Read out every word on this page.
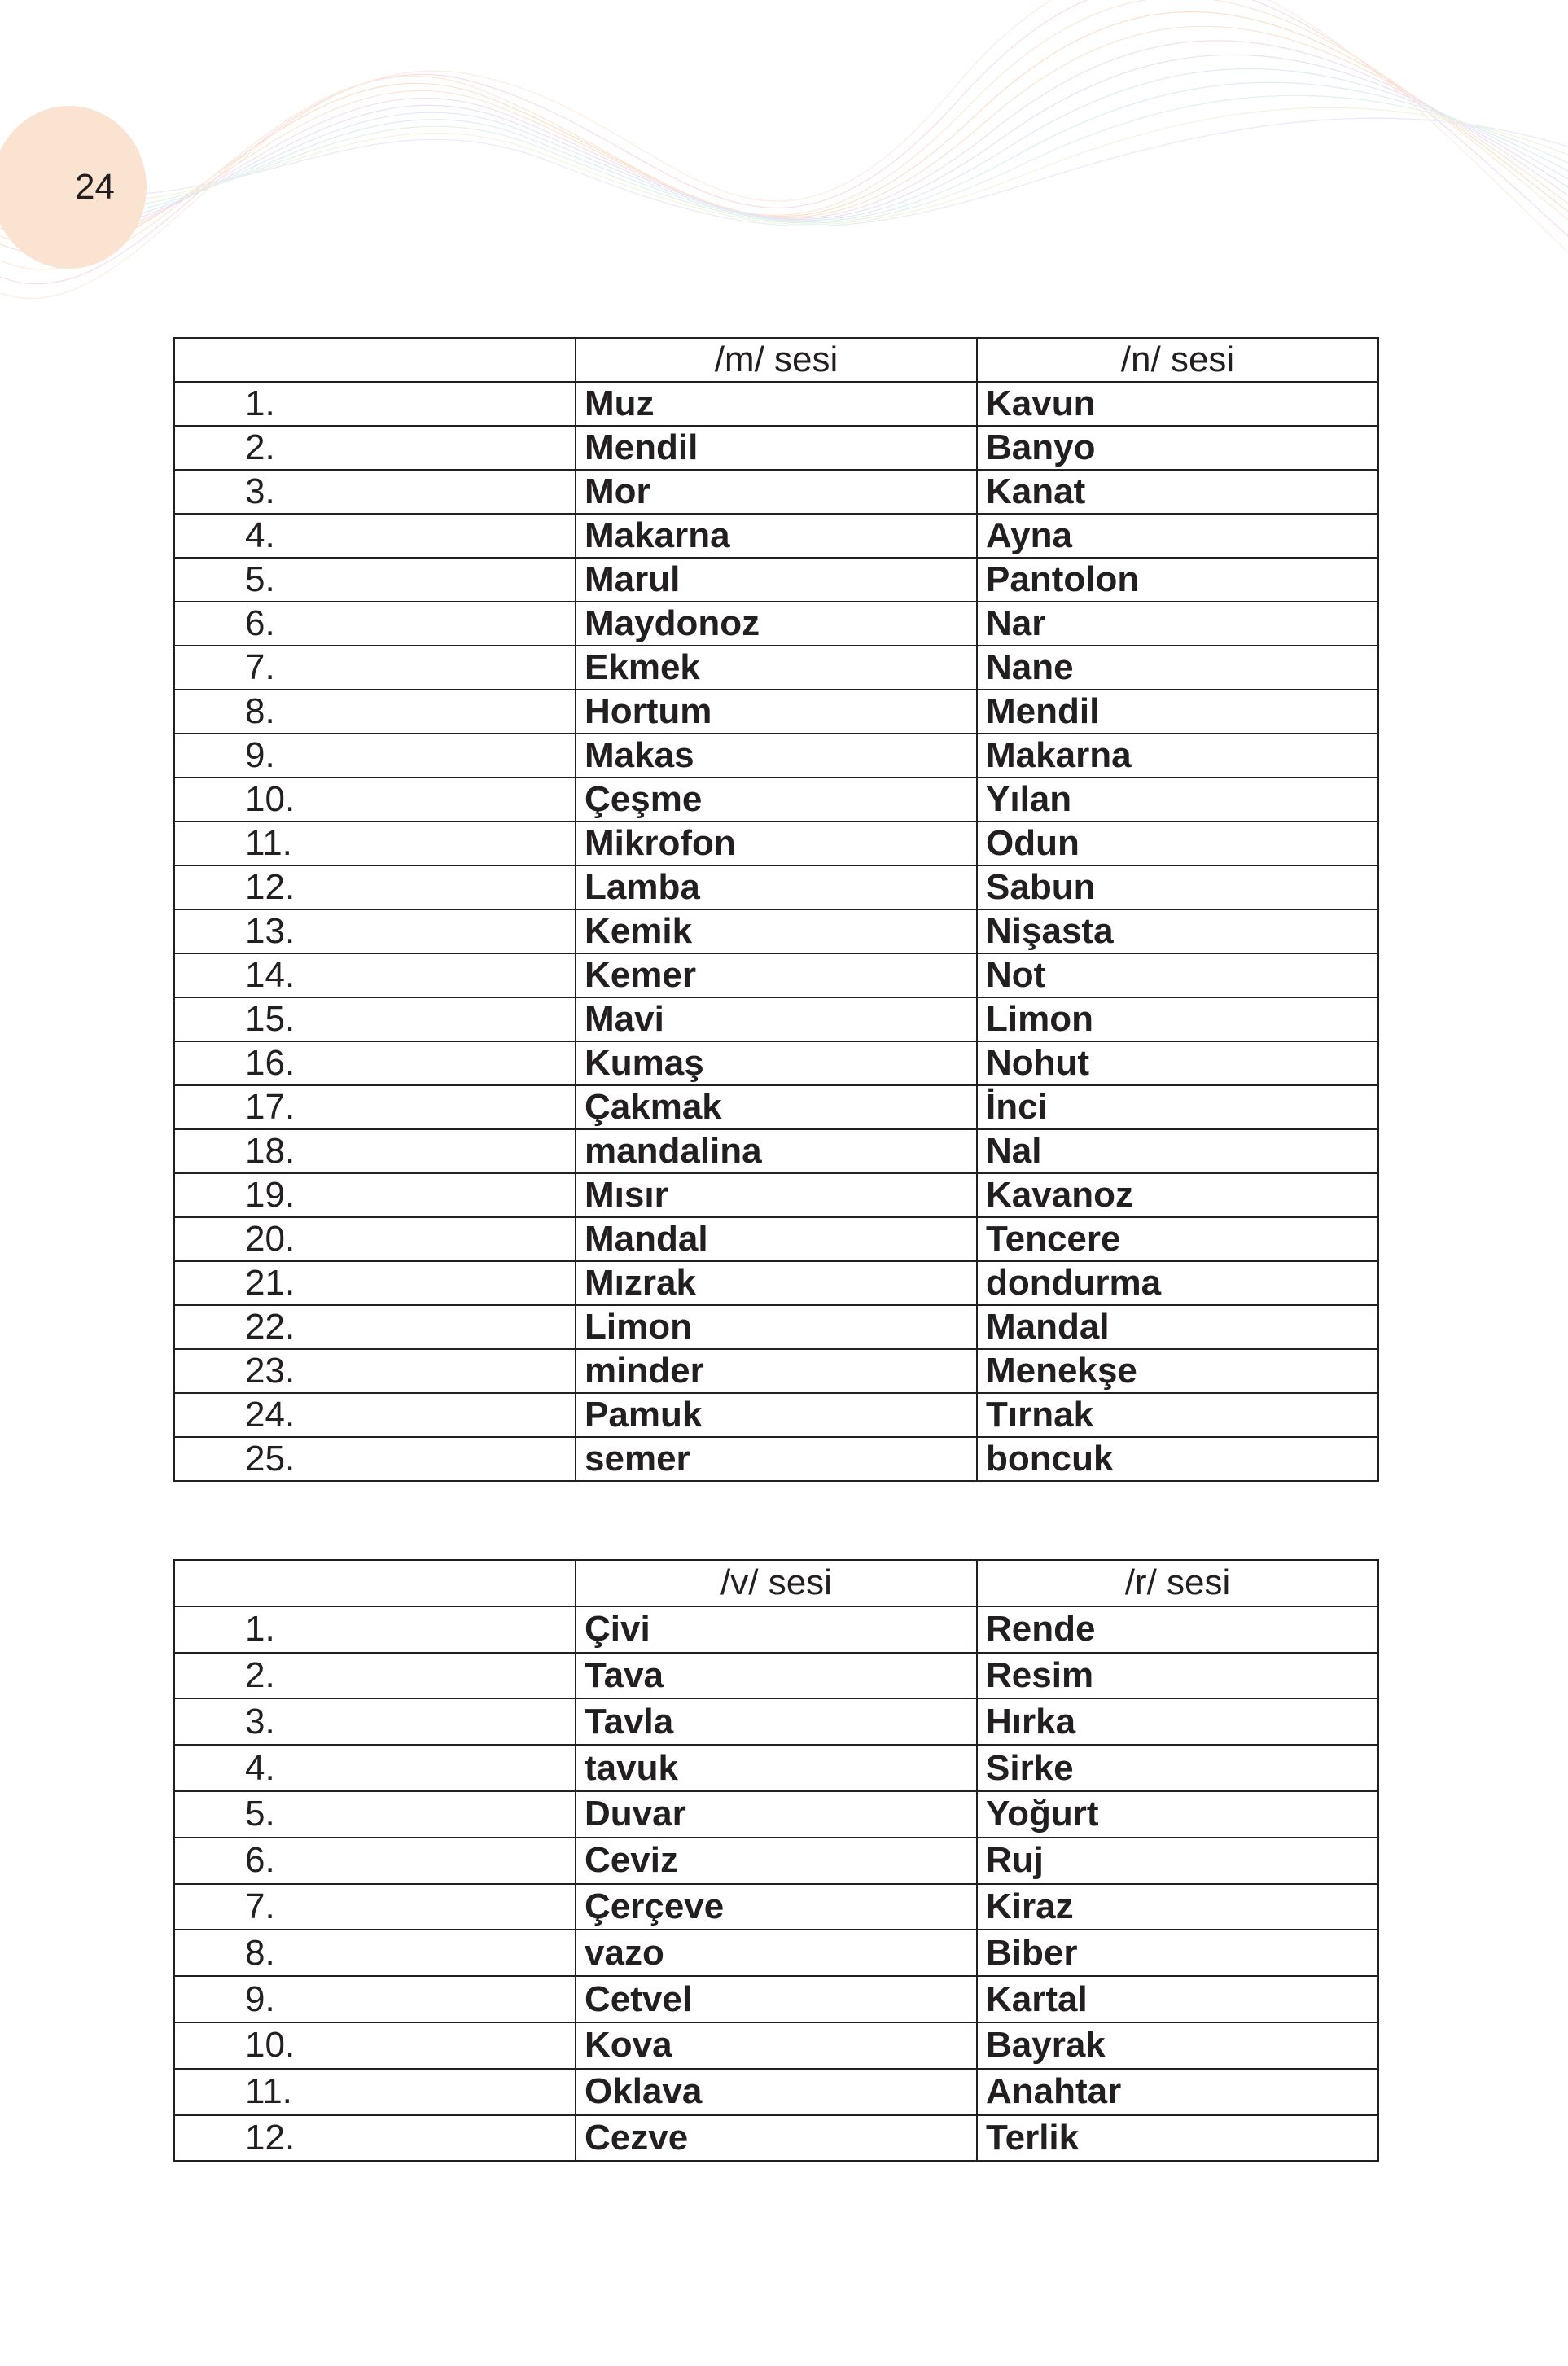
24
	/m/ sesi	/n/ sesi
1.	Muz	Kavun
2.	Mendil	Banyo
3.	Mor	Kanat
4.	Makarna	Ayna
5.	Marul	Pantolon
6.	Maydonoz	Nar
7.	Ekmek	Nane
8.	Hortum	Mendil
9.	Makas	Makarna
10.	Çeşme	Yılan
11.	Mikrofon	Odun
12.	Lamba	Sabun
13.	Kemik	Nişasta
14.	Kemer	Not
15.	Mavi	Limon
16.	Kumaş	Nohut
17.	Çakmak	İnci
18.	mandalina	Nal
19.	Mısır	Kavanoz
20.	Mandal	Tencere
21.	Mızrak	dondurma
22.	Limon	Mandal
23.	minder	Menekşe
24.	Pamuk	Tırnak
25.	semer	boncuk
	/v/ sesi	/r/ sesi
1.	Çivi	Rende
2.	Tava	Resim
3.	Tavla	Hırka
4.	tavuk	Sirke
5.	Duvar	Yoğurt
6.	Ceviz	Ruj
7.	Çerçeve	Kiraz
8.	vazo	Biber
9.	Cetvel	Kartal
10.	Kova	Bayrak
11.	Oklava	Anahtar
12.	Cezve	Terlik
